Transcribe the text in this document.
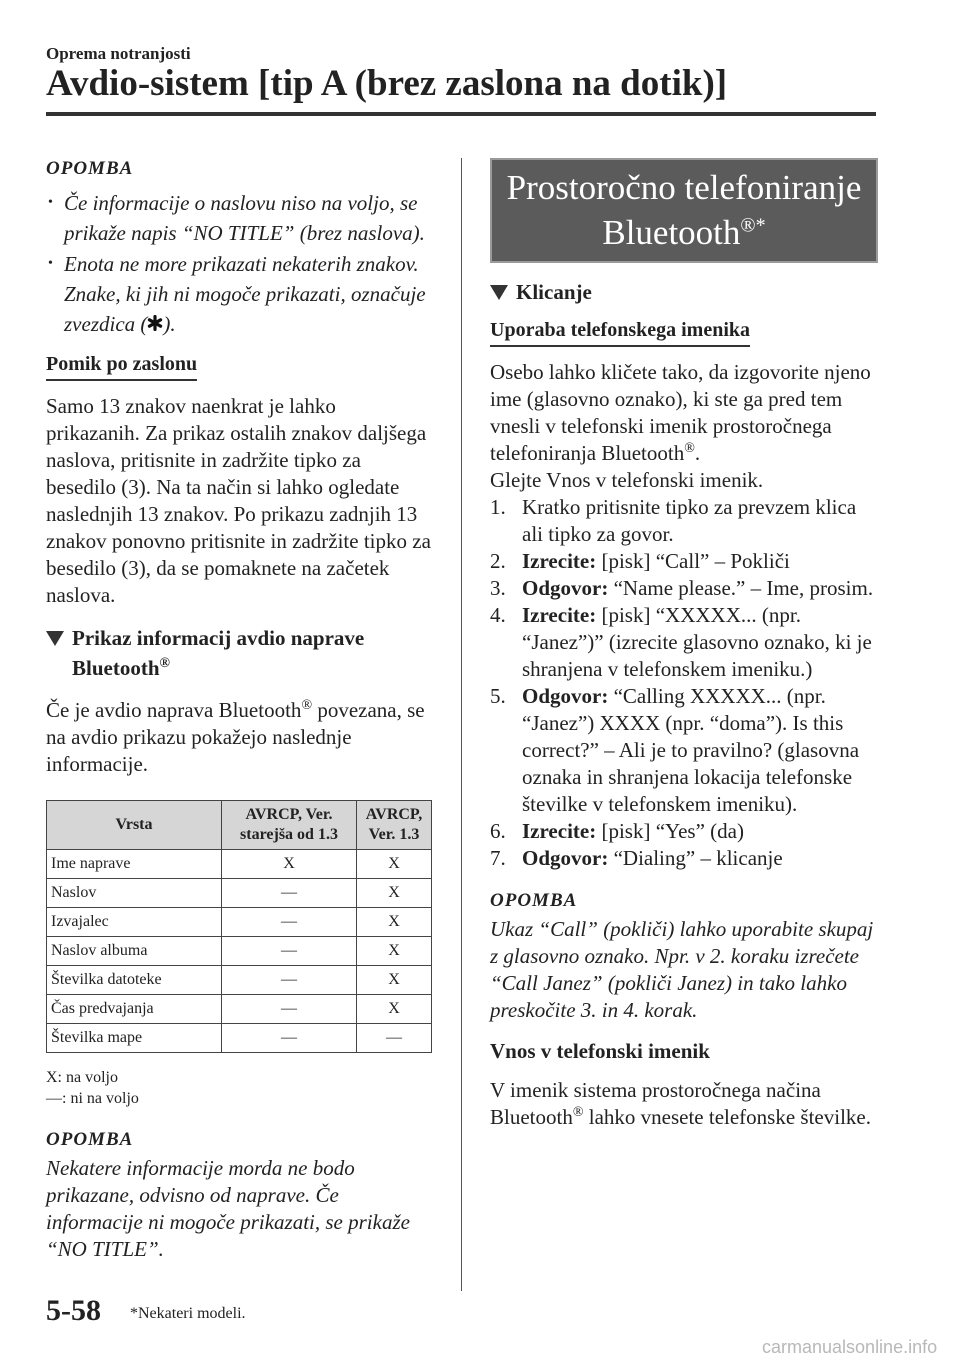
Oprema notranjosti
Avdio-sistem [tip A (brez zaslona na dotik)]

OPOMBA

• Če informacije o naslovu niso na voljo, se prikaže napis “NO TITLE” (brez naslova).
• Enota ne more prikazati nekaterih znakov. Znake, ki jih ni mogoče prikazati, označuje zvezdica ( ).
Pomik po zaslonu

Samo 13 znakov naenkrat je lahko prikazanih. Za prikaz ostalih znakov daljšega naslova, pritisnite in zadržite tipko za besedilo (3). Na ta način si lahko ogledate naslednjih 13 znakov. Po prikazu zadnjih 13 znakov ponovno pritisnite in zadržite tipko za besedilo (3), da se pomaknete na začetek naslova.

Prikaz informacij avdio naprave Bluetooth®

Če je avdio naprava Bluetooth® povezana, se na avdio prikazu pokažejo naslednje informacije.

Vrsta	AVRCP, Ver. starejša od 1.3	AVRCP, Ver. 1.3
Ime naprave	X	X
Naslov	—	X
Izvajalec	—	X
Naslov albuma	—	X
Številka datoteke	—	X
Čas predvajanja	—	X
Številka mape	—	—
X: na voljo
—: ni na voljo

OPOMBA

Nekatere informacije morda ne bodo prikazane, odvisno od naprave. Če informacije ni mogoče prikazati, se prikaže “NO TITLE”.

Prostoročno telefoniranje
Bluetooth®*
Klicanje
Uporaba telefonskega imenika

Osebo lahko kličete tako, da izgovorite njeno ime (glasovno oznako), ki ste ga pred tem vnesli v telefonski imenik prostoročnega telefoniranja Bluetooth®.

Glejte Vnos v telefonski imenik.

1. Kratko pritisnite tipko za prevzem klica ali tipko za govor.
2. Izrecite: [pisk] “Call” – Pokliči
3. Odgovor: “Name please.” – Ime, prosim.
4. Izrecite: [pisk] “XXXXX... (npr. “Janez”)” (izrecite glasovno oznako, ki je shranjena v telefonskem imeniku.)
5. Odgovor: “Calling XXXXX... (npr. “Janez”) XXXX (npr. “doma”). Is this correct?” – Ali je to pravilno? (glasovna oznaka in shranjena lokacija telefonske številke v telefonskem imeniku).
6. Izrecite: [pisk] “Yes” (da)
7. Odgovor: “Dialing” – klicanje

OPOMBA

Ukaz “Call” (pokliči) lahko uporabite skupaj z glasovno oznako. Npr. v 2. koraku izrečete “Call Janez” (pokliči Janez) in tako lahko preskočite 3. in 4. korak.

Vnos v telefonski imenik

V imenik sistema prostoročnega načina Bluetooth® lahko vnesete telefonske številke.

5-58 *Nekateri modeli.
carmanualsonline.info
